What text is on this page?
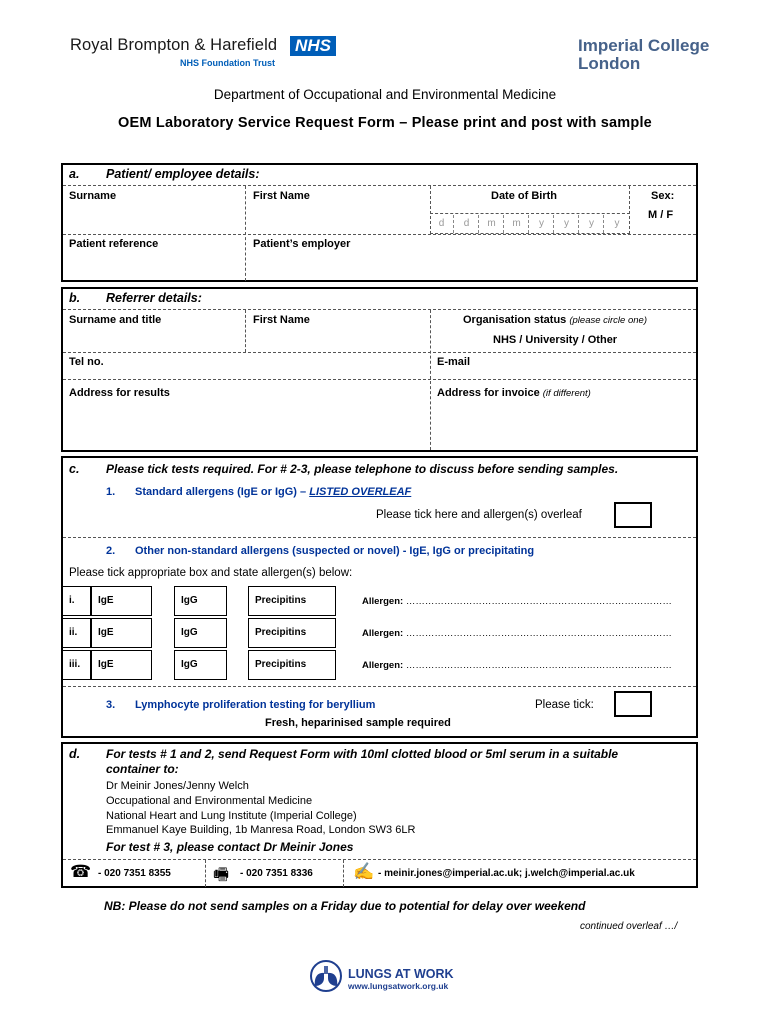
Royal Brompton & Harefield NHS
NHS Foundation Trust
Imperial College
London
Department of Occupational and Environmental Medicine
OEM Laboratory Service Request Form – Please print and post with sample
a. Patient/ employee details:
Surname	First Name	Date of Birth
d	d	m	m	y	y	y	y
Sex:
M / F
Patient reference	Patient’s employer
b. Referrer details:
Surname and title	First Name	Organisation status (please circle one)
NHS / University / Other
Tel no.	E-mail
Address for results	Address for invoice (if different)
c. Please tick tests required. For # 2-3, please telephone to discuss before sending samples.
1. Standard allergens (IgE or IgG) – LISTED OVERLEAF
Please tick here and allergen(s) overleaf
2. Other non-standard allergens (suspected or novel) - IgE, IgG or precipitating
Please tick appropriate box and state allergen(s) below:
i.	IgE	IgG	Precipitins	Allergen: …………………………………………………………………………
ii.	IgE	IgG	Precipitins	Allergen: …………………………………………………………………………
iii.	IgE	IgG	Precipitins	Allergen: …………………………………………………………………………
3. Lymphocyte proliferation testing for beryllium	Please tick:
Fresh, heparinised sample required
d. For tests # 1 and 2, send Request Form with 10ml clotted blood or 5ml serum in a suitable
container to:
Dr Meinir Jones/Jenny Welch
Occupational and Environmental Medicine
National Heart and Lung Institute (Imperial College)
Emmanuel Kaye Building, 1b Manresa Road, London SW3 6LR
For test # 3, please contact Dr Meinir Jones
☎ - 020 7351 8355 🖷 - 020 7351 8336 ✍ - meinir.jones@imperial.ac.uk; j.welch@imperial.ac.uk
NB: Please do not send samples on a Friday due to potential for delay over weekend
continued overleaf …/
LUNGS AT WORK
www.lungsatwork.org.uk
